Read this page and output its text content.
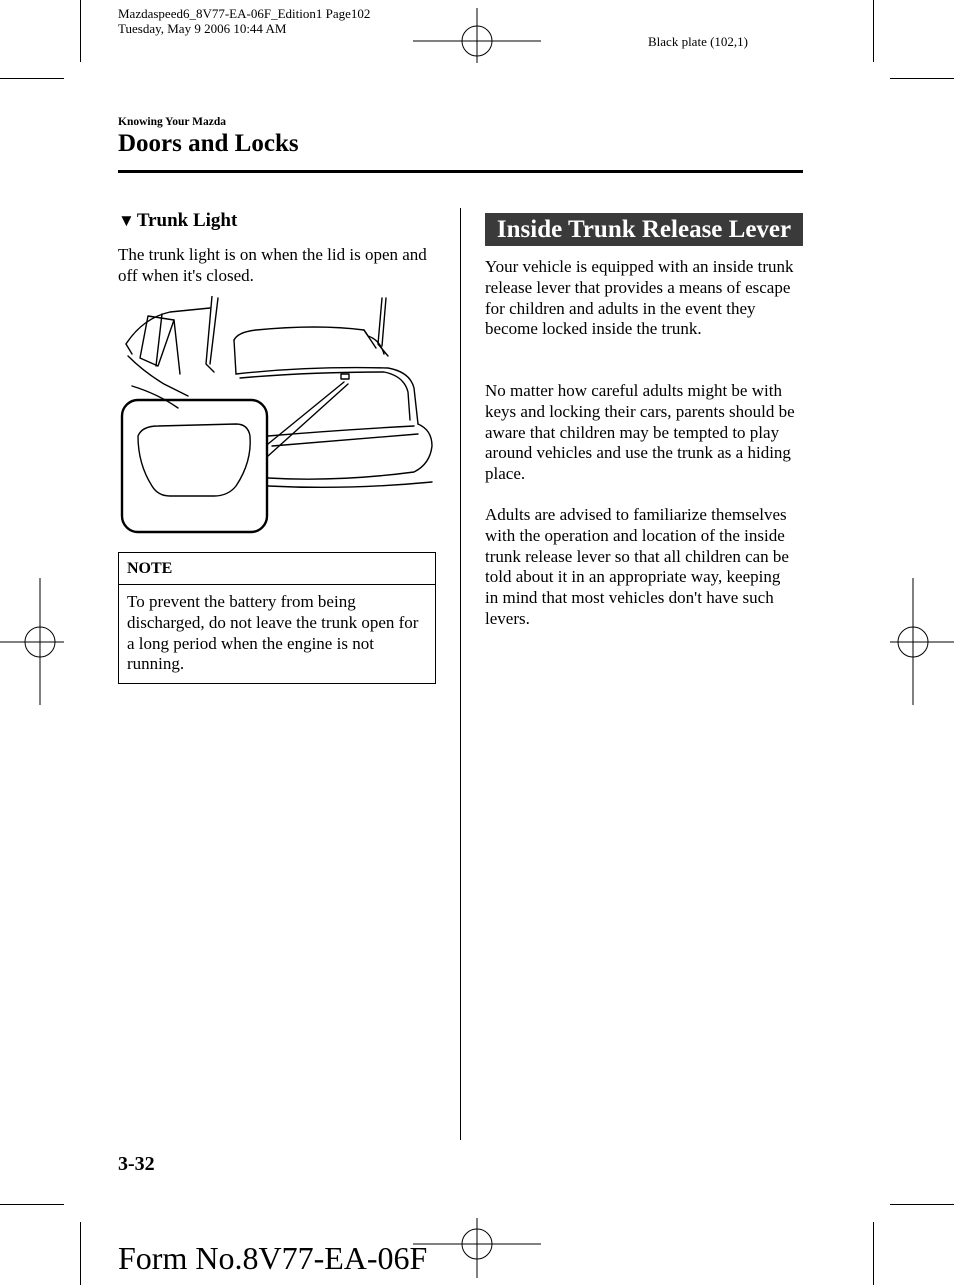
Mazdaspeed6_8V77-EA-06F_Edition1 Page102
Tuesday, May 9 2006 10:44 AM
Black plate (102,1)
Knowing Your Mazda
Doors and Locks
▼ Trunk Light

The trunk light is on when the lid is open and off when it's closed.

NOTE
To prevent the battery from being discharged, do not leave the trunk open for a long period when the engine is not running.
Inside Trunk Release Lever

Your vehicle is equipped with an inside trunk release lever that provides a means of escape for children and adults in the event they become locked inside the trunk.

No matter how careful adults might be with keys and locking their cars, parents should be aware that children may be tempted to play around vehicles and use the trunk as a hiding place.

Adults are advised to familiarize themselves with the operation and location of the inside trunk release lever so that all children can be told about it in an appropriate way, keeping in mind that most vehicles don't have such levers.

3-32
Form No.8V77-EA-06F
